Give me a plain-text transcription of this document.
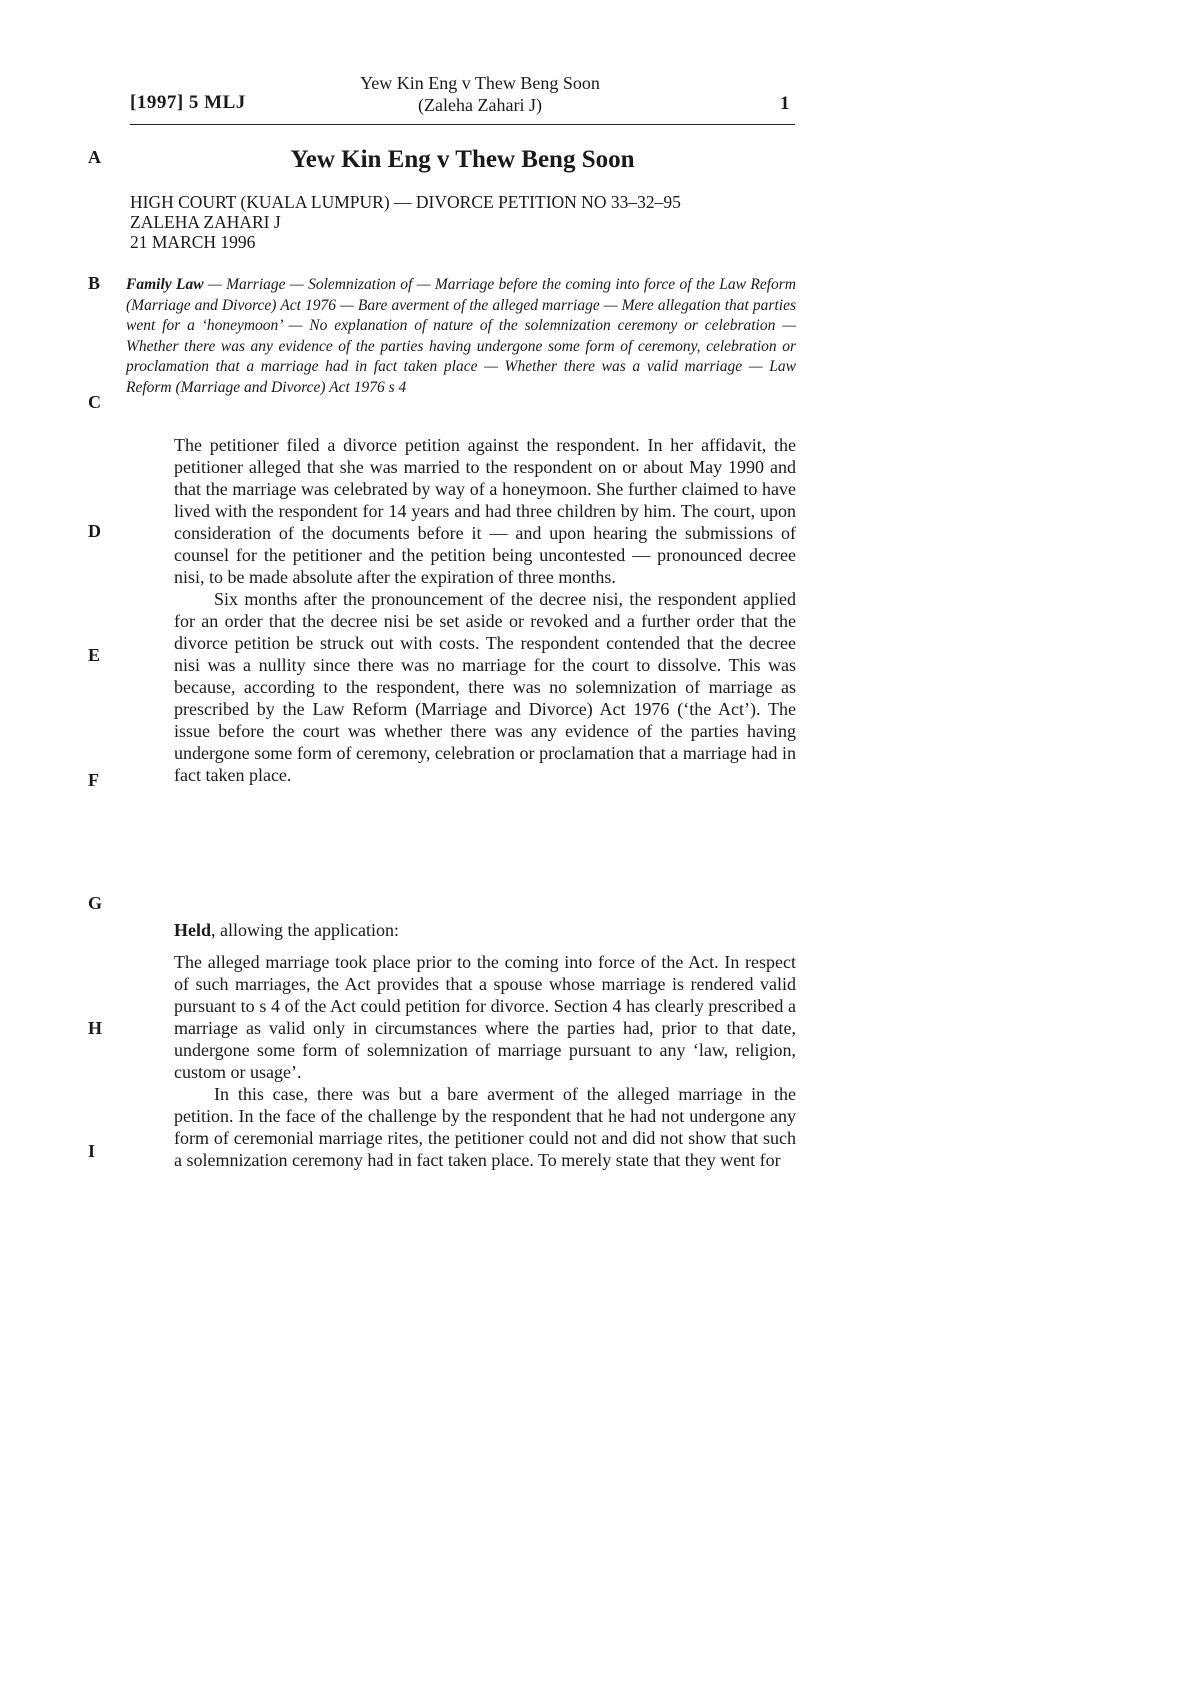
[1997] 5 MLJ
Yew Kin Eng v Thew Beng Soon
(Zaleha Zahari J)	1
A
B
C
D
E
F
G
H
I
Yew Kin Eng v Thew Beng Soon
HIGH COURT (KUALA LUMPUR) — DIVORCE PETITION NO 33–32–95
ZALEHA ZAHARI J
21 MARCH 1996
Family Law — Marriage — Solemnization of — Marriage before the coming into force of the Law Reform (Marriage and Divorce) Act 1976 — Bare averment of the alleged marriage — Mere allegation that parties went for a ‘honeymoon’ — No explanation of nature of the solemnization ceremony or celebration — Whether there was any evidence of the parties having undergone some form of ceremony, celebration or proclamation that a marriage had in fact taken place — Whether there was a valid marriage — Law Reform (Marriage and Divorce) Act 1976 s 4

The petitioner filed a divorce petition against the respondent. In her affidavit, the petitioner alleged that she was married to the respondent on or about May 1990 and that the marriage was celebrated by way of a honeymoon. She further claimed to have lived with the respondent for 14 years and had three children by him. The court, upon consideration of the documents before it — and upon hearing the submissions of counsel for the petitioner and the petition being uncontested — pronounced decree nisi, to be made absolute after the expiration of three months.

Six months after the pronouncement of the decree nisi, the respondent applied for an order that the decree nisi be set aside or revoked and a further order that the divorce petition be struck out with costs. The respondent contended that the decree nisi was a nullity since there was no marriage for the court to dissolve. This was because, according to the respondent, there was no solemnization of marriage as prescribed by the Law Reform (Marriage and Divorce) Act 1976 (‘the Act’). The issue before the court was whether there was any evidence of the parties having undergone some form of ceremony, celebration or proclamation that a marriage had in fact taken place.

Held, allowing the application:

The alleged marriage took place prior to the coming into force of the Act. In respect of such marriages, the Act provides that a spouse whose marriage is rendered valid pursuant to s 4 of the Act could petition for divorce. Section 4 has clearly prescribed a marriage as valid only in circumstances where the parties had, prior to that date, undergone some form of solemnization of marriage pursuant to any ‘law, religion, custom or usage’.

In this case, there was but a bare averment of the alleged marriage in the petition. In the face of the challenge by the respondent that he had not undergone any form of ceremonial marriage rites, the petitioner could not and did not show that such a solemnization ceremony had in fact taken place. To merely state that they went for
